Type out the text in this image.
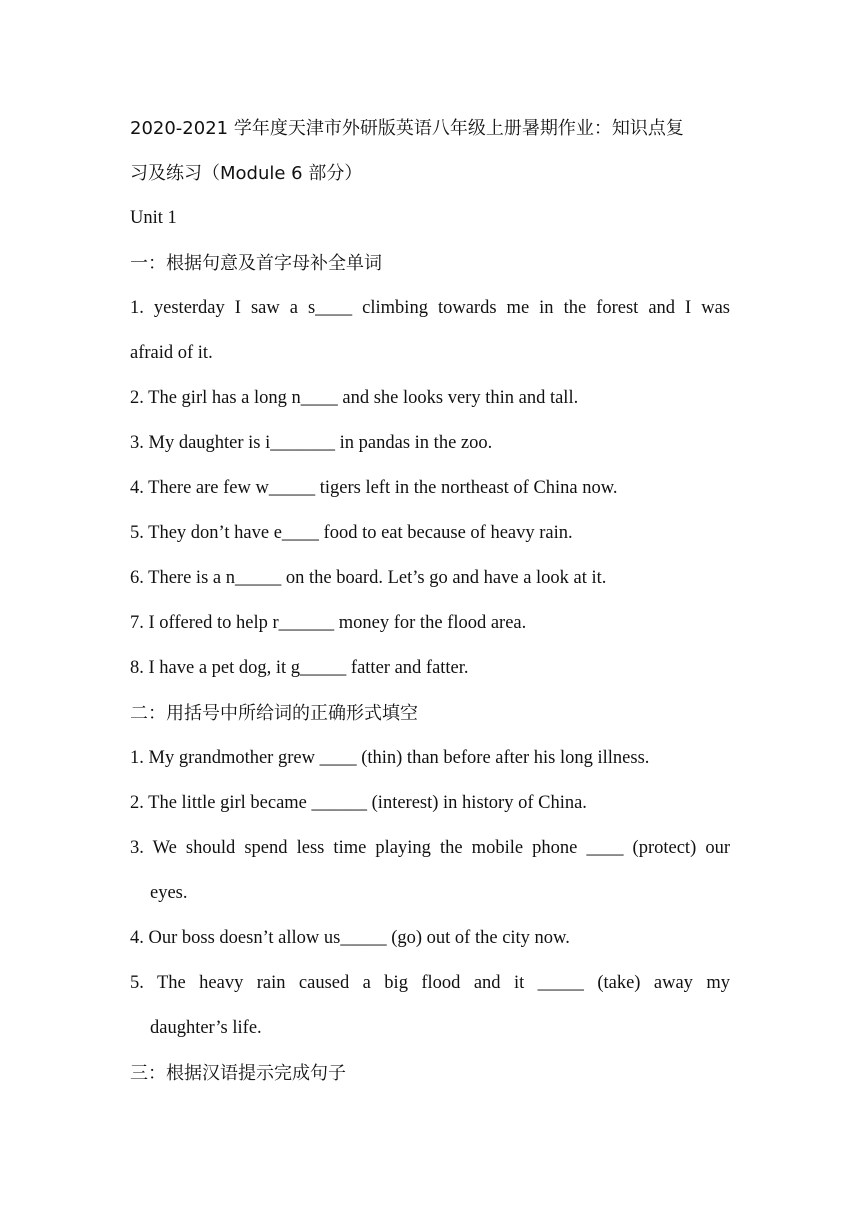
2020-2021 学年度天津市外研版英语八年级上册暑期作业：知识点复
习及练习（Module 6 部分）
Unit 1
一：根据句意及首字母补全单词
1. yesterday I saw a s____ climbing towards me in the forest and I was
afraid of it.
2. The girl has a long n____ and she looks very thin and tall.
3. My daughter is i_______ in pandas in the zoo.
4. There are few w_____ tigers left in the northeast of China now.
5. They don’t have e____ food to eat because of heavy rain.
6. There is a n_____ on the board. Let’s go and have a look at it.
7. I offered to help r______ money for the flood area.
8. I have a pet dog, it g_____ fatter and fatter.
二：用括号中所给词的正确形式填空
1. My grandmother grew ____ (thin) than before after his long illness.
2. The little girl became ______ (interest) in history of China.
3. We should spend less time playing the mobile phone ____ (protect) our
eyes.
4. Our boss doesn’t allow us_____ (go) out of the city now.
5. The heavy rain caused a big flood and it _____ (take) away my
daughter’s life.
三：根据汉语提示完成句子
